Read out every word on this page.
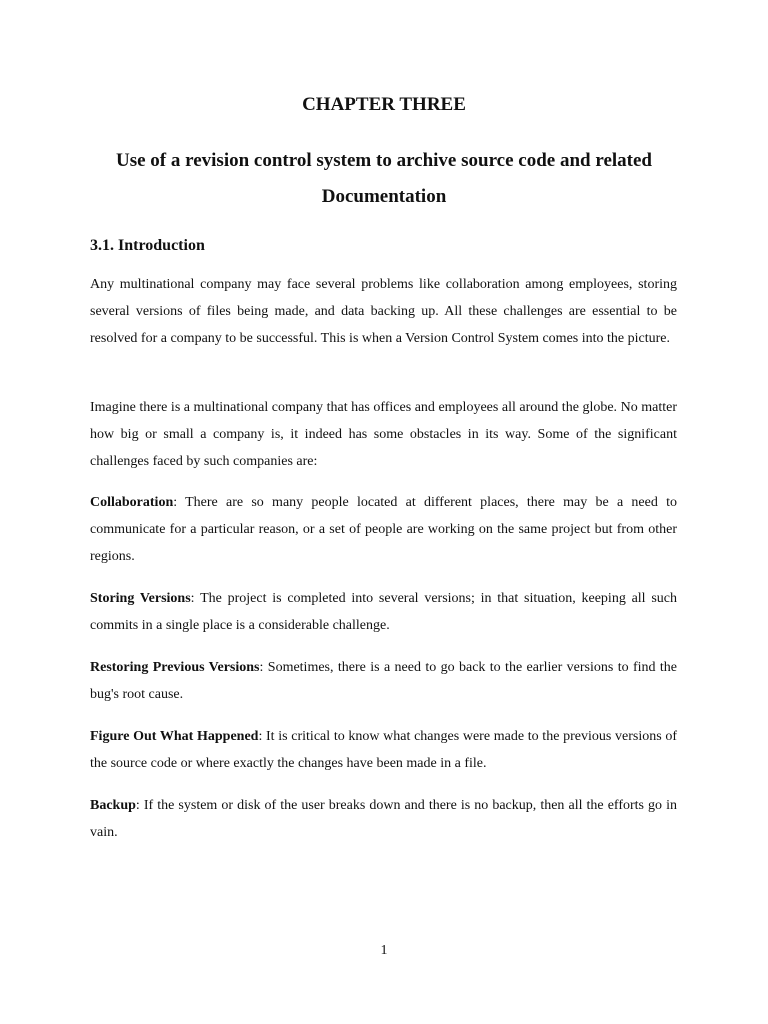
CHAPTER THREE
Use of a revision control system to archive source code and related Documentation
3.1. Introduction

Any multinational company may face several problems like collaboration among employees, storing several versions of files being made, and data backing up. All these challenges are essential to be resolved for a company to be successful. This is when a Version Control System comes into the picture.

Imagine there is a multinational company that has offices and employees all around the globe. No matter how big or small a company is, it indeed has some obstacles in its way. Some of the significant challenges faced by such companies are:

Collaboration: There are so many people located at different places, there may be a need to communicate for a particular reason, or a set of people are working on the same project but from other regions.

Storing Versions: The project is completed into several versions; in that situation, keeping all such commits in a single place is a considerable challenge.

Restoring Previous Versions: Sometimes, there is a need to go back to the earlier versions to find the bug's root cause.

Figure Out What Happened: It is critical to know what changes were made to the previous versions of the source code or where exactly the changes have been made in a file.

Backup: If the system or disk of the user breaks down and there is no backup, then all the efforts go in vain.

1
